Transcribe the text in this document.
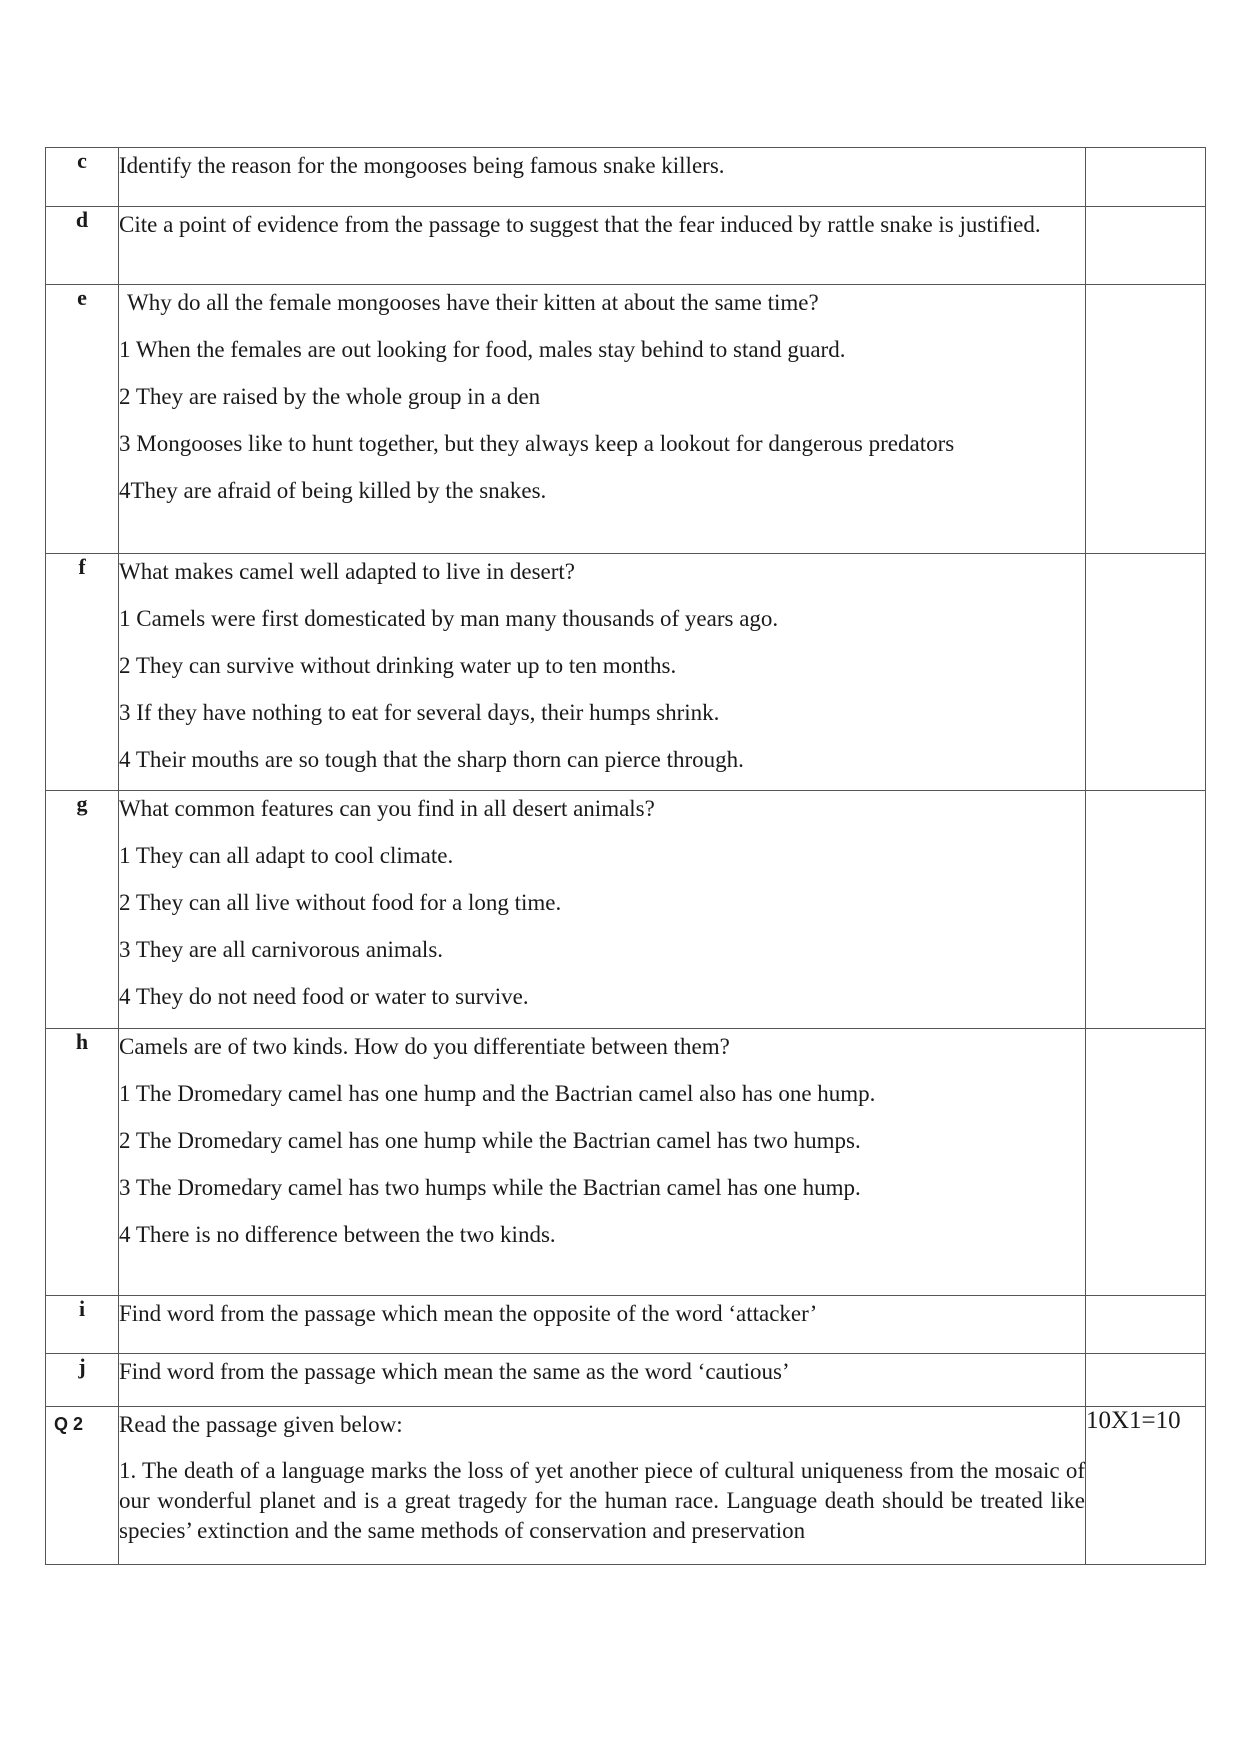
c	Identify the reason for the mongooses being famous snake killers.	

d	Cite a point of evidence from the passage to suggest that the fear induced by rattle snake is justified.	

e	Why do all the female mongooses have their kitten at about the same time?

1 When the females are out looking for food, males stay behind to stand guard.

2 They are raised by the whole group in a den

3 Mongooses like to hunt together, but they always keep a lookout for dangerous predators

4They are afraid of being killed by the snakes.	

f	What makes camel well adapted to live in desert?

1 Camels were first domesticated by man many thousands of years ago.

2 They can survive without drinking water up to ten months.

3 If they have nothing to eat for several days, their humps shrink.

4 Their mouths are so tough that the sharp thorn can pierce through.	

g	What common features can you find in all desert animals?

1 They can all adapt to cool climate.

2 They can all live without food for a long time.

3 They are all carnivorous animals.

4 They do not need food or water to survive.	

h	Camels are of two kinds. How do you differentiate between them?

1 The Dromedary camel has one hump and the Bactrian camel also has one hump.

2 The Dromedary camel has one hump while the Bactrian camel has two humps.

3 The Dromedary camel has two humps while the Bactrian camel has one hump.

4 There is no difference between the two kinds.	

i	Find word from the passage which mean the opposite of the word ‘attacker’	

j	Find word from the passage which mean the same as the word ‘cautious’	

Q 2	Read the passage given below:

1. The death of a language marks the loss of yet another piece of cultural uniqueness from the mosaic of our wonderful planet and is a great tragedy for the human race. Language death should be treated like species’ extinction and the same methods of conservation and preservation	10X1=10
